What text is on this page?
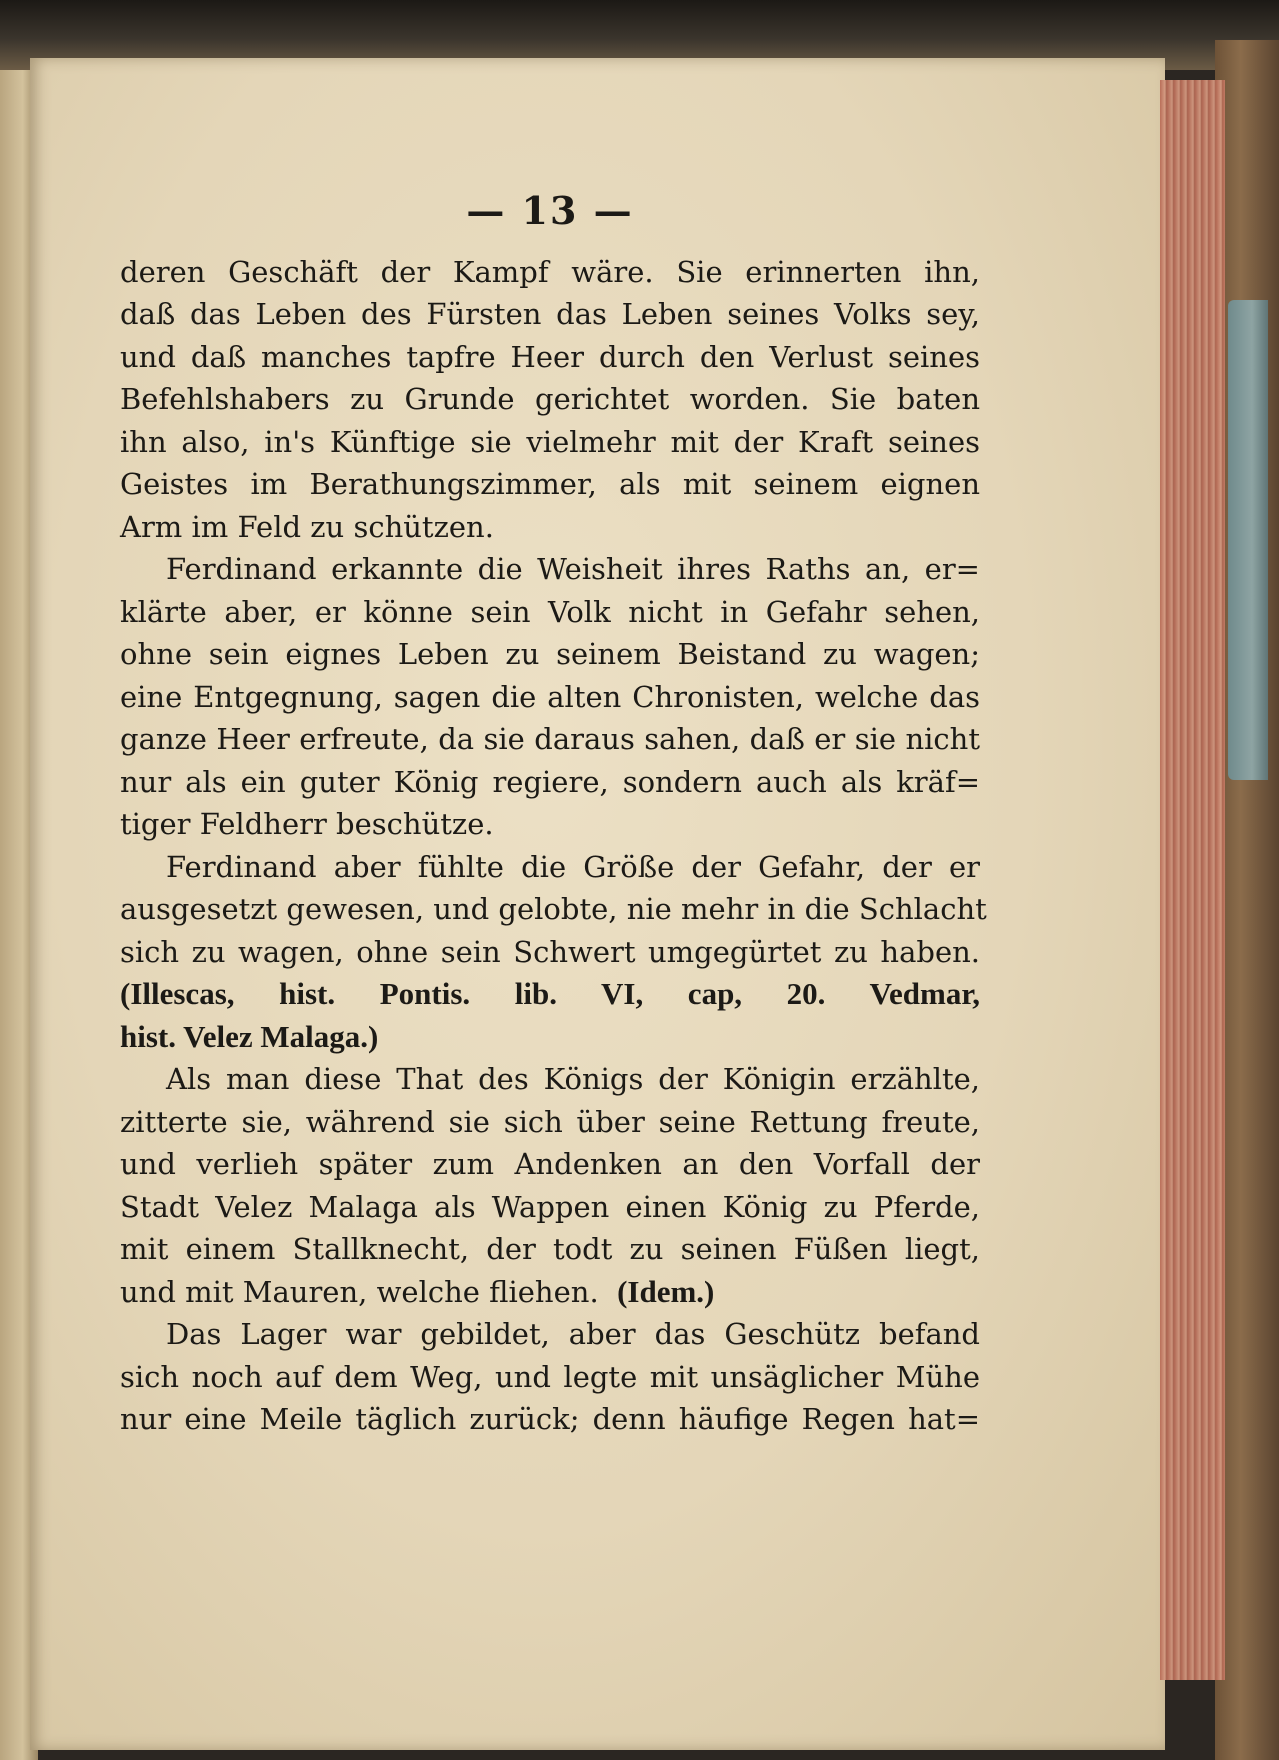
— 13 —
deren Geschäft der Kampf wäre. Sie erinnerten ihn,
daß das Leben des Fürsten das Leben seines Volks sey,
und daß manches tapfre Heer durch den Verlust seines
Befehlshabers zu Grunde gerichtet worden. Sie baten
ihn also, in's Künftige sie vielmehr mit der Kraft seines
Geistes im Berathungszimmer, als mit seinem eignen
Arm im Feld zu schützen.
Ferdinand erkannte die Weisheit ihres Raths an, er=
klärte aber, er könne sein Volk nicht in Gefahr sehen,
ohne sein eignes Leben zu seinem Beistand zu wagen;
eine Entgegnung, sagen die alten Chronisten, welche das
ganze Heer erfreute, da sie daraus sahen, daß er sie nicht
nur als ein guter König regiere, sondern auch als kräf=
tiger Feldherr beschütze.
Ferdinand aber fühlte die Größe der Gefahr, der er
ausgesetzt gewesen, und gelobte, nie mehr in die Schlacht
sich zu wagen, ohne sein Schwert umgegürtet zu haben.
(Illescas, hist. Pontis. lib. VI, cap, 20. Vedmar,
hist. Velez Malaga.)
Als man diese That des Königs der Königin erzählte,
zitterte sie, während sie sich über seine Rettung freute,
und verlieh später zum Andenken an den Vorfall der
Stadt Velez Malaga als Wappen einen König zu Pferde,
mit einem Stallknecht, der todt zu seinen Füßen liegt,
und mit Mauren, welche fliehen. (Idem.)
Das Lager war gebildet, aber das Geschütz befand
sich noch auf dem Weg, und legte mit unsäglicher Mühe
nur eine Meile täglich zurück; denn häufige Regen hat=
